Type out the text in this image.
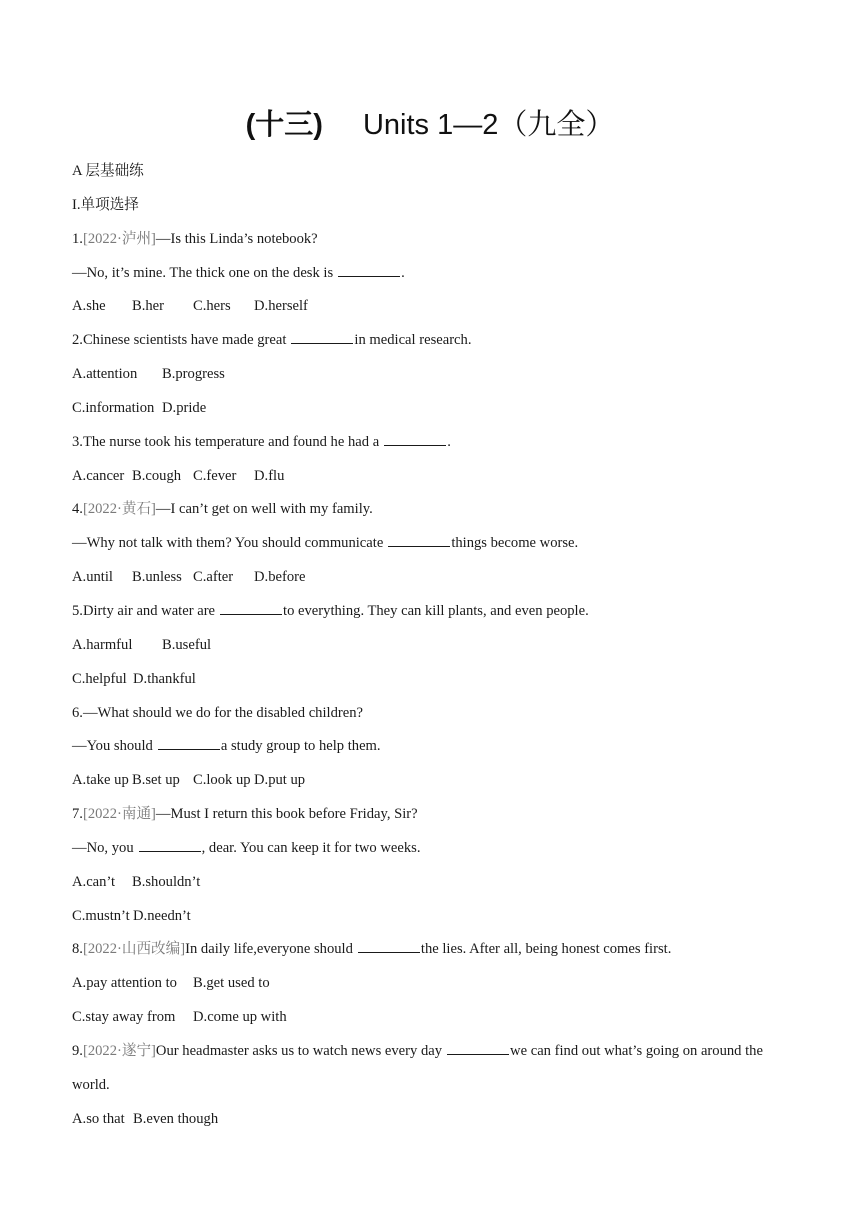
(十三) Units 1—2（九全）
A 层基础练
I.单项选择
1.[2022·泸州]—Is this Linda’s notebook?
—No, it’s mine. The thick one on the desk is	.
A.she B.her C.hers D.herself
2.Chinese scientists have made great	in medical research.
A.attention B.progress
C.information D.pride
3.The nurse took his temperature and found he had a	.
A.cancer B.cough C.fever D.flu
4.[2022·黄石]—I can’t get on well with my family.
—Why not talk with them? You should communicate	things become worse.
A.until B.unless C.after D.before
5.Dirty air and water are	to everything. They can kill plants, and even people.
A.harmful B.useful
C.helpful D.thankful
6.—What should we do for the disabled children?
—You should	a study group to help them.
A.take up B.set up C.look up D.put up
7.[2022·南通]—Must I return this book before Friday, Sir?
—No, you	, dear. You can keep it for two weeks.
A.can’t B.shouldn’t
C.mustn’t D.needn’t
8.[2022·山西改编]In daily life,everyone should	the lies. After all, being honest comes first.
A.pay attention to B.get used to
C.stay away from D.come up with
9.[2022·遂宁]Our headmaster asks us to watch news every day	we can find out what’s going on around the
world.
A.so that B.even though
